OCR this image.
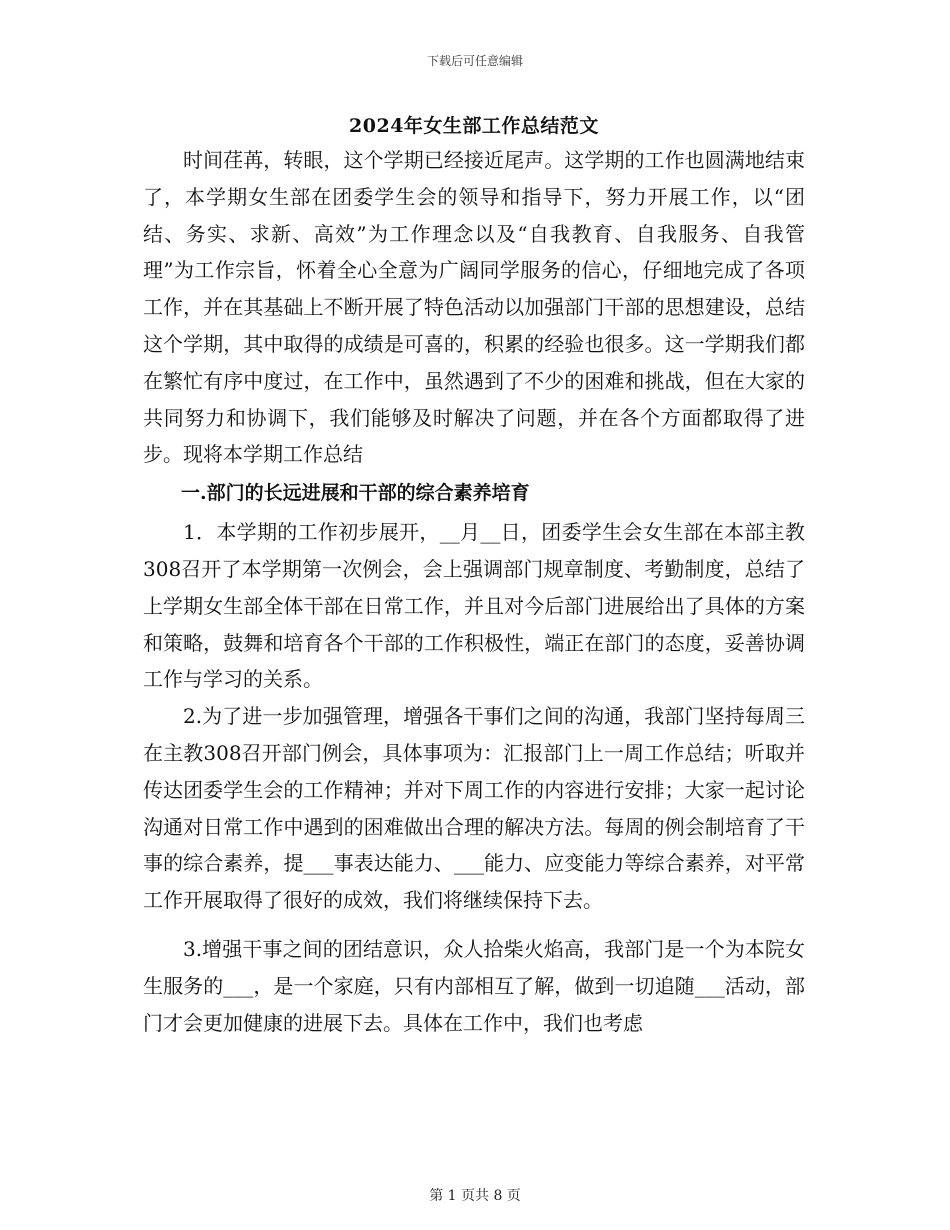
下载后可任意编辑
2024年女生部工作总结范文

时间荏苒，转眼，这个学期已经接近尾声。这学期的工作也圆满地结束了，本学期女生部在团委学生会的领导和指导下，努力开展工作，以“团结、务实、求新、高效”为工作理念以及“自我教育、自我服务、自我管理”为工作宗旨，怀着全心全意为广阔同学服务的信心，仔细地完成了各项工作，并在其基础上不断开展了特色活动以加强部门干部的思想建设，总结这个学期，其中取得的成绩是可喜的，积累的经验也很多。这一学期我们都在繁忙有序中度过，在工作中，虽然遇到了不少的困难和挑战，但在大家的共同努力和协调下，我们能够及时解决了问题，并在各个方面都取得了进步。现将本学期工作总结

一.部门的长远进展和干部的综合素养培育

1．本学期的工作初步展开，__月__日，团委学生会女生部在本部主教308召开了本学期第一次例会，会上强调部门规章制度、考勤制度，总结了上学期女生部全体干部在日常工作，并且对今后部门进展给出了具体的方案和策略，鼓舞和培育各个干部的工作积极性，端正在部门的态度，妥善协调工作与学习的关系。

2.为了进一步加强管理，增强各干事们之间的沟通，我部门坚持每周三在主教308召开部门例会，具体事项为：汇报部门上一周工作总结；听取并传达团委学生会的工作精神；并对下周工作的内容进行安排；大家一起讨论沟通对日常工作中遇到的困难做出合理的解决方法。每周的例会制培育了干事的综合素养，提___事表达能力、___能力、应变能力等综合素养，对平常工作开展取得了很好的成效，我们将继续保持下去。

3.增强干事之间的团结意识，众人拾柴火焰高，我部门是一个为本院女生服务的___，是一个家庭，只有内部相互了解，做到一切追随___活动，部门才会更加健康的进展下去。具体在工作中，我们也考虑

第 1 页共 8 页
